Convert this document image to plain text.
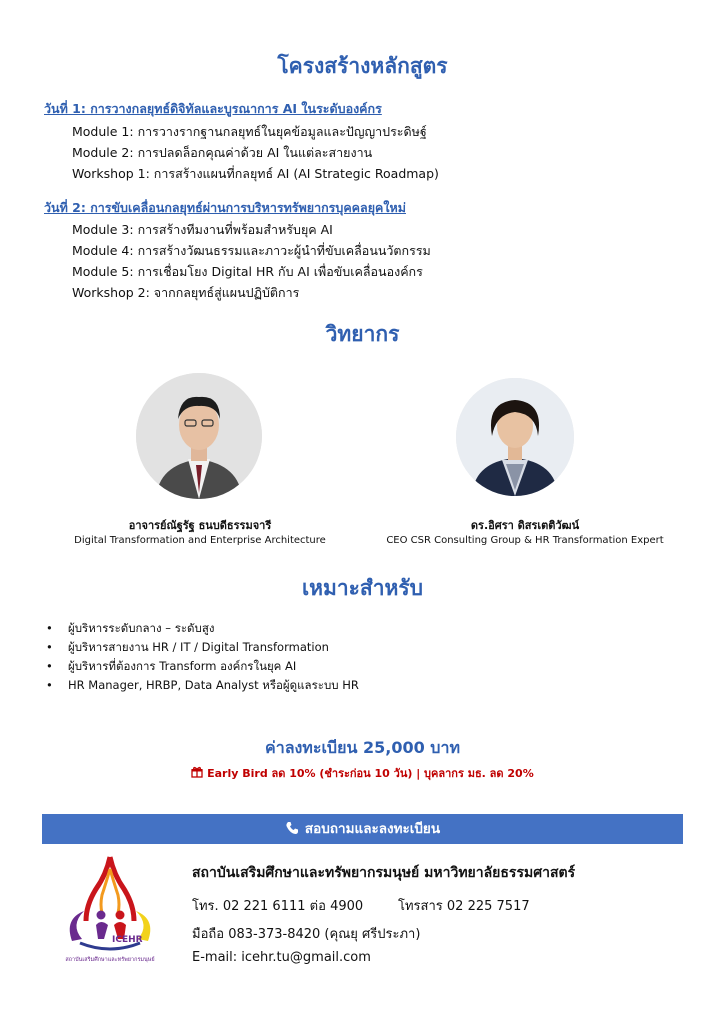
โครงสร้างหลักสูตร
วันที่ 1: การวางกลยุทธ์ดิจิทัลและบูรณาการ AI ในระดับองค์กร
Module 1: การวางรากฐานกลยุทธ์ในยุคข้อมูลและปัญญาประดิษฐ์
Module 2: การปลดล็อกคุณค่าด้วย AI ในแต่ละสายงาน
Workshop 1: การสร้างแผนที่กลยุทธ์ AI (AI Strategic Roadmap)
วันที่ 2: การขับเคลื่อนกลยุทธ์ผ่านการบริหารทรัพยากรบุคคลยุคใหม่
Module 3: การสร้างทีมงานที่พร้อมสำหรับยุค AI
Module 4: การสร้างวัฒนธรรมและภาวะผู้นำที่ขับเคลื่อนนวัตกรรม
Module 5: การเชื่อมโยง Digital HR กับ AI เพื่อขับเคลื่อนองค์กร
Workshop 2: จากกลยุทธ์สู่แผนปฏิบัติการ
วิทยากร
อาจารย์ณัฐรัฐ ธนบดีธรรมจารี
Digital Transformation and Enterprise Architecture
ดร.อิศรา ดิสรเตติวัฒน์
CEO CSR Consulting Group & HR Transformation Expert
เหมาะสำหรับ
• ผู้บริหารระดับกลาง – ระดับสูง
• ผู้บริหารสายงาน HR / IT / Digital Transformation
• ผู้บริหารที่ต้องการ Transform องค์กรในยุค AI
• HR Manager, HRBP, Data Analyst หรือผู้ดูแลระบบ HR
ค่าลงทะเบียน 25,000 บาท
Early Bird ลด 10% (ชำระก่อน 10 วัน) | บุคลากร มธ. ลด 20%
สอบถามและลงทะเบียน
ICEHR
สถาบันเสริมศึกษาและทรัพยากรมนุษย์
สถาบันเสริมศึกษาและทรัพยากรมนุษย์ มหาวิทยาลัยธรรมศาสตร์
โทร. 02 221 6111 ต่อ 4900	โทรสาร 02 225 7517
มือถือ 083-373-8420 (คุณยุ ศรีประภา)
E-mail: icehr.tu@gmail.com
